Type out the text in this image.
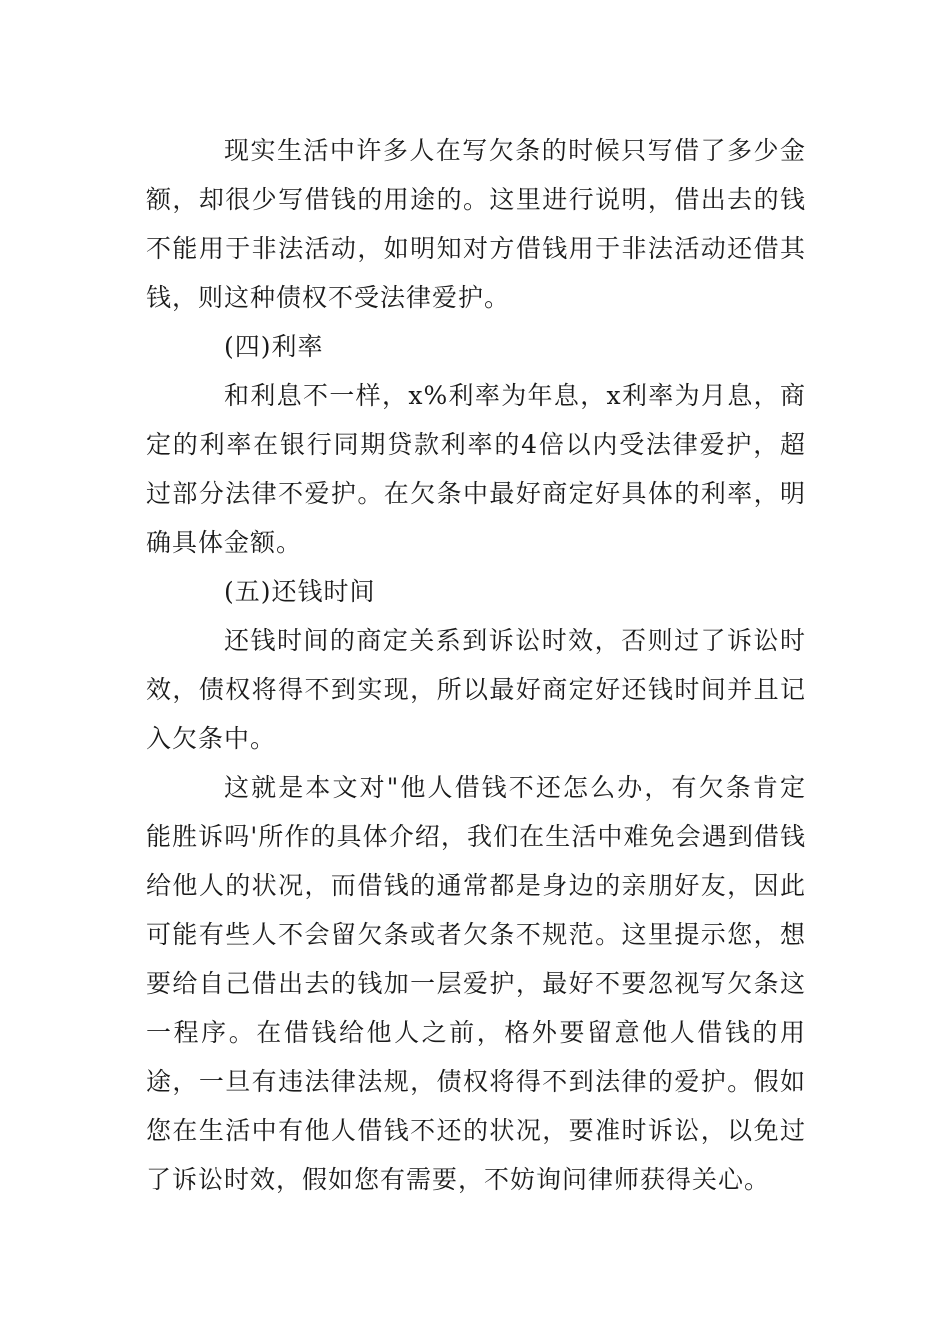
现实生活中许多人在写欠条的时候只写借了多少金额，却很少写借钱的用途的。这里进行说明，借出去的钱不能用于非法活动，如明知对方借钱用于非法活动还借其钱，则这种债权不受法律爱护。

(四)利率

和利息不一样，x%利率为年息，x利率为月息，商定的利率在银行同期贷款利率的4倍以内受法律爱护，超过部分法律不爱护。在欠条中最好商定好具体的利率，明确具体金额。

(五)还钱时间

还钱时间的商定关系到诉讼时效，否则过了诉讼时效，债权将得不到实现，所以最好商定好还钱时间并且记入欠条中。

这就是本文对"他人借钱不还怎么办，有欠条肯定能胜诉吗'所作的具体介绍，我们在生活中难免会遇到借钱给他人的状况，而借钱的通常都是身边的亲朋好友，因此可能有些人不会留欠条或者欠条不规范。这里提示您，想要给自己借出去的钱加一层爱护，最好不要忽视写欠条这一程序。在借钱给他人之前，格外要留意他人借钱的用途，一旦有违法律法规，债权将得不到法律的爱护。假如您在生活中有他人借钱不还的状况，要准时诉讼，以免过了诉讼时效，假如您有需要，不妨询问律师获得关心。
